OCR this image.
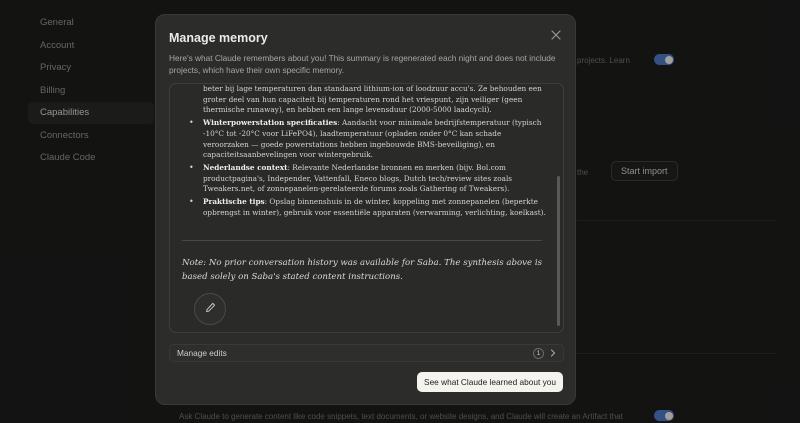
General
Account
Privacy
Billing
Capabilities
Connectors
Claude Code
projects. Learn
the	Start import
Ask Claude to generate content like code snippets, text documents, or website designs, and Claude will create an Artifact that
Manage memory
Here's what Claude remembers about you! This summary is regenerated each night and does not include projects, which have their own specific memory.
beter bij lage temperaturen dan standaard lithium-ion of loodzuur accu's. Ze behouden een groter deel van hun capaciteit bij temperaturen rond het vriespunt, zijn veiliger (geen thermische runaway), en hebben een lange levensduur (2000-5000 laadcycli).
• Winterpowerstation specificaties: Aandacht voor minimale bedrijfstemperatuur (typisch -10°C tot -20°C voor LiFePO4), laadtemperatuur (opladen onder 0°C kan schade veroorzaken — goede powerstations hebben ingebouwde BMS-beveiliging), en capaciteitsaanbevelingen voor wintergebruik.
• Nederlandse context: Relevante Nederlandse bronnen en merken (bijv. Bol.com productpagina's, Independer, Vattenfall, Eneco blogs, Dutch tech/review sites zoals Tweakers.net, of zonnepanelen-gerelateerde forums zoals Gathering of Tweakers).
• Praktische tips: Opslag binnenshuis in de winter, koppeling met zonnepanelen (beperkte opbrengst in winter), gebruik voor essentiële apparaten (verwarming, verlichting, koelkast).
Note: No prior conversation history was available for Saba. The synthesis above is based solely on Saba's stated content instructions.
Manage edits	1
See what Claude learned about you
